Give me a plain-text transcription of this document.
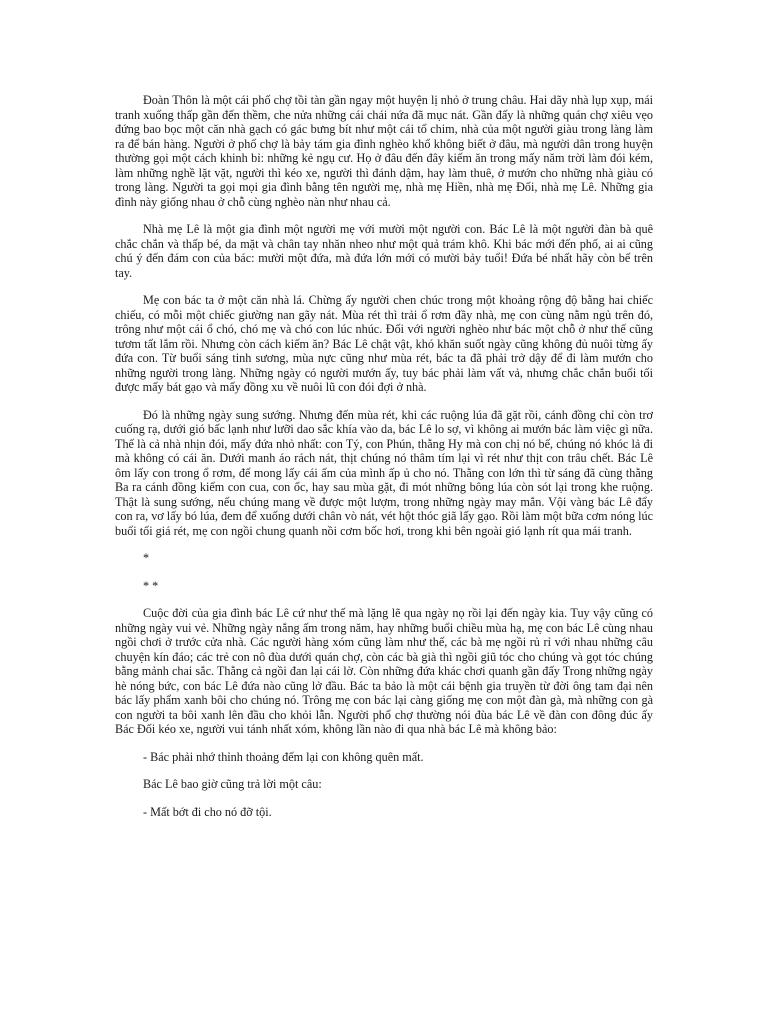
Đoàn Thôn là một cái phố chợ tồi tàn gần ngay một huyện lị nhỏ ở trung châu. Hai dãy nhà lụp xụp, mái tranh xuống thấp gần đến thềm, che nửa những cái chái nứa đã mục nát. Gần đấy là những quán chợ xiêu vẹo đứng bao bọc một căn nhà gạch có gác bưng bít như một cái tổ chim, nhà của một người giàu trong làng làm ra để bán hàng. Người ở phố chợ là bảy tám gia đình nghèo khổ không biết ở đâu, mà người dân trong huyện thường gọi một cách khinh bỉ: những kẻ ngụ cư. Họ ở đâu đến đây kiếm ăn trong mấy năm trời làm đói kém, làm những nghề lặt vặt, người thì kéo xe, người thì đánh dậm, hay làm thuê, ở mướn cho những nhà giàu có trong làng. Người ta gọi mọi gia đình bằng tên người mẹ, nhà mẹ Hiền, nhà mẹ Đối, nhà mẹ Lê. Những gia đình này giống nhau ở chỗ cùng nghèo nàn như nhau cả.

Nhà mẹ Lê là một gia đình một người mẹ với mười một người con. Bác Lê là một người đàn bà quê chắc chắn và thấp bé, da mặt và chân tay nhăn nheo như một quả trám khô. Khi bác mới đến phố, ai ai cũng chú ý đến đám con của bác: mười một đứa, mà đứa lớn mới có mười bảy tuổi! Đứa bé nhất hãy còn bế trên tay.

Mẹ con bác ta ở một căn nhà lá. Chừng ấy người chen chúc trong một khoảng rộng độ bằng hai chiếc chiếu, có mỗi một chiếc giường nan gãy nát. Mùa rét thì trải ổ rơm đầy nhà, mẹ con cùng nằm ngủ trên đó, trông như một cái ổ chó, chó mẹ và chó con lúc nhúc. Đối với người nghèo như bác một chỗ ở như thế cũng tươm tất lắm rồi. Nhưng còn cách kiếm ăn? Bác Lê chật vật, khó khăn suốt ngày cũng không đủ nuôi từng ấy đứa con. Từ buổi sáng tinh sương, mùa nực cũng như mùa rét, bác ta đã phải trở dậy để đi làm mướn cho những người trong làng. Những ngày có người mướn ấy, tuy bác phải làm vất vả, nhưng chắc chắn buổi tối được mấy bát gạo và mấy đồng xu về nuôi lũ con đói đợi ở nhà.

Đó là những ngày sung sướng. Nhưng đến mùa rét, khi các ruộng lúa đã gặt rồi, cánh đồng chỉ còn trơ cuống rạ, dưới gió bấc lạnh như lưỡi dao sắc khía vào da, bác Lê lo sợ, vì không ai mướn bác làm việc gì nữa. Thế là cả nhà nhịn đói, mấy đứa nhỏ nhất: con Tý, con Phún, thằng Hy mà con chị nó bế, chúng nó khóc lả đi mà không có cái ăn. Dưới manh áo rách nát, thịt chúng nó thâm tím lại vì rét như thịt con trâu chết. Bác Lê ôm lấy con trong ổ rơm, để mong lấy cái ấm của mình ấp ủ cho nó. Thằng con lớn thì từ sáng đã cùng thằng Ba ra cánh đồng kiếm con cua, con ốc, hay sau mùa gặt, đi mót những bông lúa còn sót lại trong khe ruộng. Thật là sung sướng, nếu chúng mang về được một lượm, trong những ngày may mắn. Vội vàng bác Lê đẩy con ra, vơ lấy bó lúa, đem để xuống dưới chân vò nát, vét hột thóc giã lấy gạo. Rồi làm một bữa cơm nóng lúc buổi tối giá rét, mẹ con ngồi chung quanh nồi cơm bốc hơi, trong khi bên ngoài gió lạnh rít qua mái tranh.

*

* *

Cuộc đời của gia đình bác Lê cứ như thế mà lặng lẽ qua ngày nọ rồi lại đến ngày kia. Tuy vậy cũng có những ngày vui vẻ. Những ngày nắng ấm trong năm, hay những buổi chiều mùa hạ, mẹ con bác Lê cùng nhau ngồi chơi ở trước cửa nhà. Các người hàng xóm cũng làm như thế, các bà mẹ ngồi rủ rỉ với nhau những câu chuyện kín đáo; các trẻ con nô đùa dưới quán chợ, còn các bà già thì ngồi giũ tóc cho chúng và gọt tóc chúng bằng mảnh chai sắc. Thằng cả ngồi đan lại cái lờ. Còn những đứa khác chơi quanh gần đấy Trong những ngày hè nóng bức, con bác Lê đứa nào cũng lở đầu. Bác ta bảo là một cái bệnh gia truyền từ đời ông tam đại nên bác lấy phẩm xanh bôi cho chúng nó. Trông mẹ con bác lại càng giống mẹ con một đàn gà, mà những con gà con người ta bôi xanh lên đầu cho khỏi lẫn. Người phố chợ thường nói đùa bác Lê về đàn con đông đúc ấy Bác Đối kéo xe, người vui tánh nhất xóm, không lần nào đi qua nhà bác Lê mà không bảo:

- Bác phải nhớ thỉnh thoảng đếm lại con không quên mất.

Bác Lê bao giờ cũng trả lời một câu:

- Mất bớt đi cho nó đỡ tội.
